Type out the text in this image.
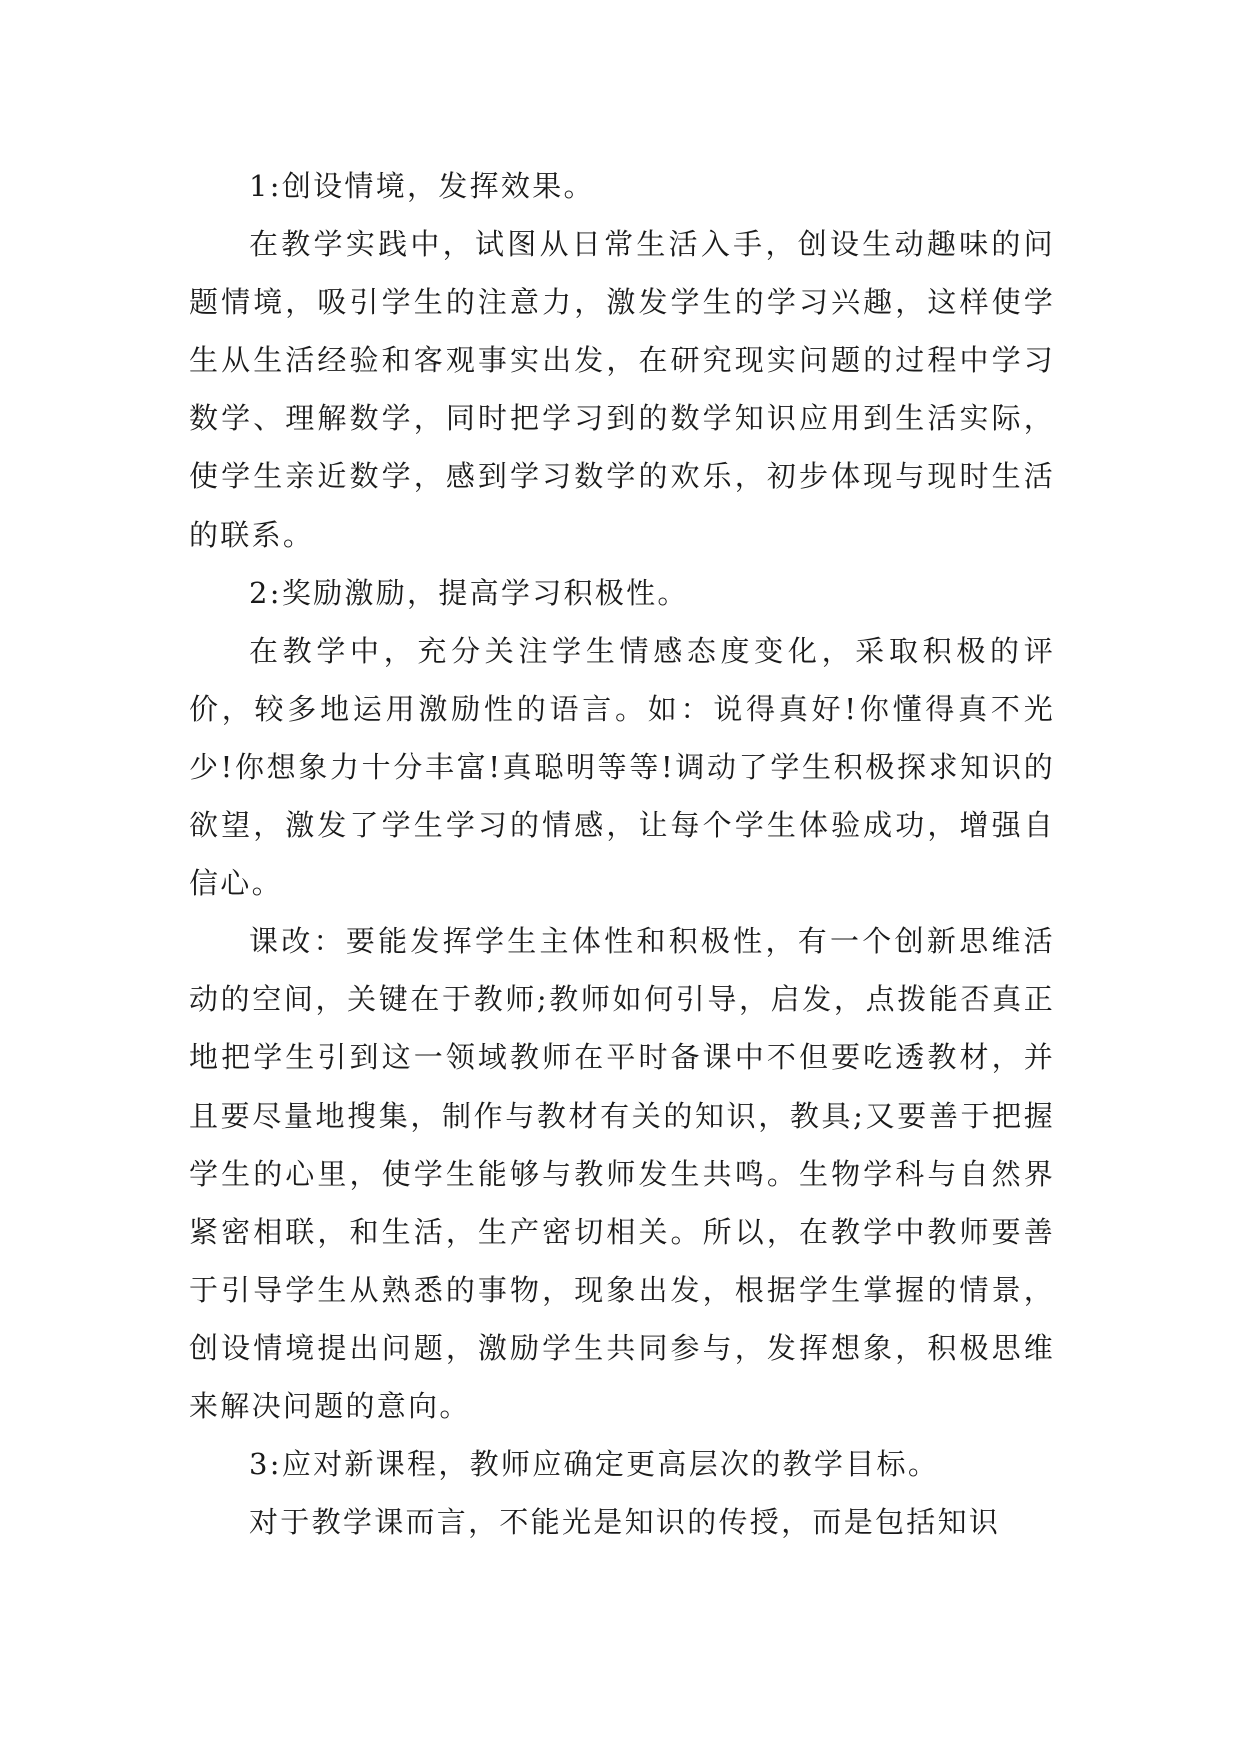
1:创设情境，发挥效果。

在教学实践中，试图从日常生活入手，创设生动趣味的问题情境，吸引学生的注意力，激发学生的学习兴趣，这样使学生从生活经验和客观事实出发，在研究现实问题的过程中学习数学、理解数学，同时把学习到的数学知识应用到生活实际，使学生亲近数学，感到学习数学的欢乐，初步体现与现时生活的联系。

2:奖励激励，提高学习积极性。

在教学中，充分关注学生情感态度变化，采取积极的评价，较多地运用激励性的语言。如：说得真好!你懂得真不光少!你想象力十分丰富!真聪明等等!调动了学生积极探求知识的欲望，激发了学生学习的情感，让每个学生体验成功，增强自信心。

课改：要能发挥学生主体性和积极性，有一个创新思维活动的空间，关键在于教师;教师如何引导，启发，点拨能否真正地把学生引到这一领域教师在平时备课中不但要吃透教材，并且要尽量地搜集，制作与教材有关的知识，教具;又要善于把握学生的心里，使学生能够与教师发生共鸣。生物学科与自然界紧密相联，和生活，生产密切相关。所以，在教学中教师要善于引导学生从熟悉的事物，现象出发，根据学生掌握的情景，创设情境提出问题，激励学生共同参与，发挥想象，积极思维来解决问题的意向。

3:应对新课程，教师应确定更高层次的教学目标。

对于教学课而言，不能光是知识的传授，而是包括知识
